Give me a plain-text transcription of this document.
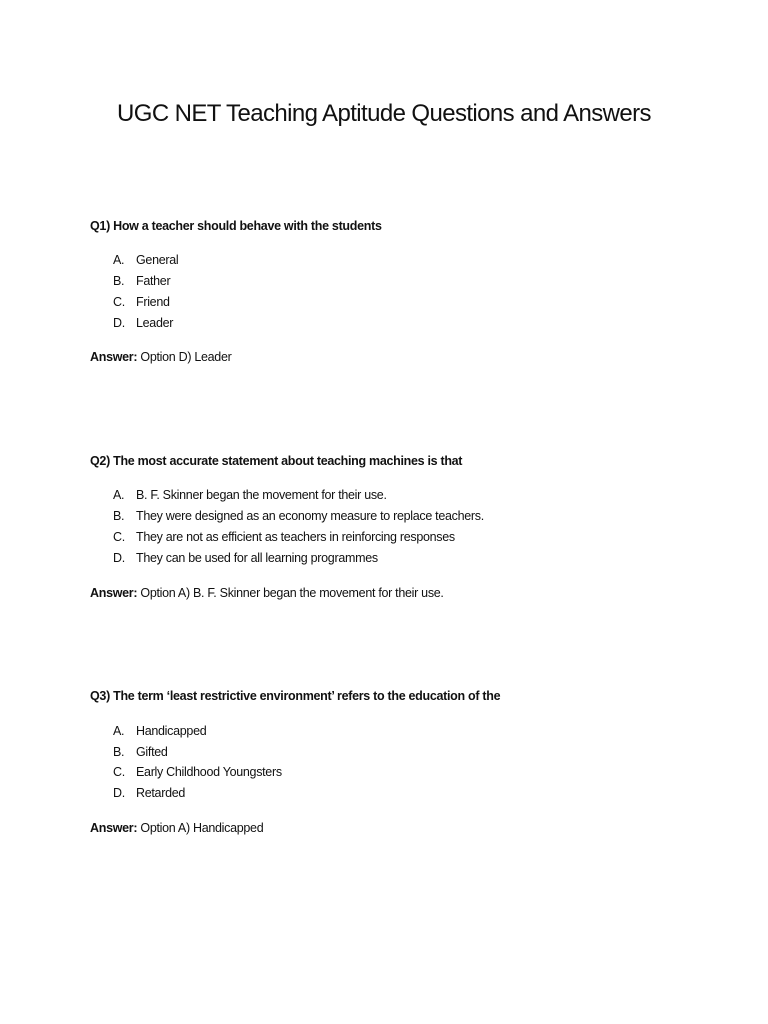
UGC NET Teaching Aptitude Questions and Answers
Q1) How a teacher should behave with the students
A. General
B. Father
C. Friend
D. Leader
Answer: Option D) Leader
Q2) The most accurate statement about teaching machines is that
A. B. F. Skinner began the movement for their use.
B. They were designed as an economy measure to replace teachers.
C. They are not as efficient as teachers in reinforcing responses
D. They can be used for all learning programmes
Answer: Option A) B. F. Skinner began the movement for their use.
Q3) The term ‘least restrictive environment’ refers to the education of the
A. Handicapped
B. Gifted
C. Early Childhood Youngsters
D. Retarded
Answer: Option A) Handicapped
